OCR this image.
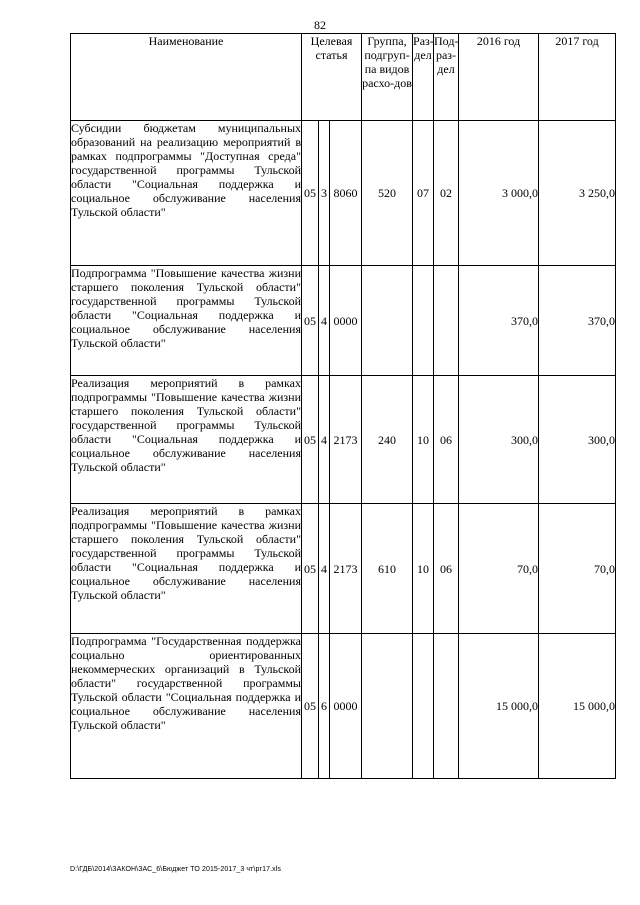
82
Наименование	Целевая статья			Группа, подгруп-па видов расхо-дов	Раз-дел	Под-раз-дел	2016 год	2017 год
Субсидии бюджетам муниципальных образований на реализацию мероприятий в рамках подпрограммы "Доступная среда" государственной программы Тульской области "Социальная поддержка и социальное обслуживание населения Тульской области"	05	3	8060	520	07	02	3 000,0	3 250,0
Подпрограмма "Повышение качества жизни старшего поколения Тульской области" государственной программы Тульской области "Социальная поддержка и социальное обслуживание населения Тульской области"	05	4	0000				370,0	370,0
Реализация мероприятий в рамках подпрограммы "Повышение качества жизни старшего поколения Тульской области" государственной программы Тульской области "Социальная поддержка и социальное обслуживание населения Тульской области"	05	4	2173	240	10	06	300,0	300,0
Реализация мероприятий в рамках подпрограммы "Повышение качества жизни старшего поколения Тульской области" государственной программы Тульской области "Социальная поддержка и социальное обслуживание населения Тульской области"	05	4	2173	610	10	06	70,0	70,0
Подпрограмма "Государственная поддержка социально ориентированных некоммерческих организаций в Тульской области" государственной программы Тульской области "Социальная поддержка и социальное обслуживание населения Тульской области"	05	6	0000				15 000,0	15 000,0
D:\ГДБ\2014\ЗАКОН\ЗАС_6\Бюджет ТО 2015-2017_3 чт\рг17.xls
